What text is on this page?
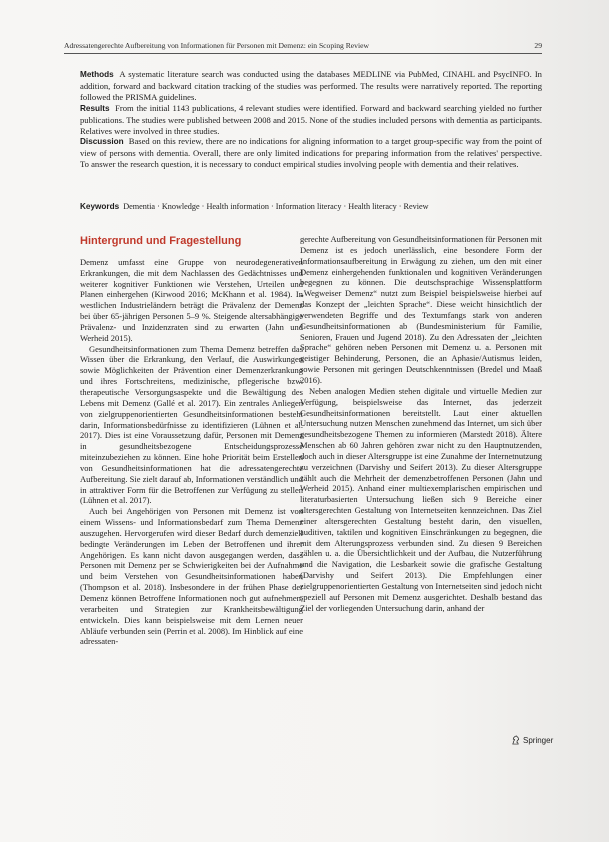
Adressatengerechte Aufbereitung von Informationen für Personen mit Demenz: ein Scoping Review	29

Methods A systematic literature search was conducted using the databases MEDLINE via PubMed, CINAHL and PsycINFO. In addition, forward and backward citation tracking of the studies was performed. The results were narratively reported. The reporting followed the PRISMA guidelines.

Results From the initial 1143 publications, 4 relevant studies were identified. Forward and backward searching yielded no further publications. The studies were published between 2008 and 2015. None of the studies included persons with dementia as participants. Relatives were involved in three studies.

Discussion Based on this review, there are no indications for aligning information to a target group-specific way from the point of view of persons with dementia. Overall, there are only limited indications for preparing information from the relatives' perspective. To answer the research question, it is necessary to conduct empirical studies involving people with dementia and their relatives.

Keywords Dementia · Knowledge · Health information · Information literacy · Health literacy · Review
Hintergrund und Fragestellung

Demenz umfasst eine Gruppe von neurodegenerativen Erkrankungen, die mit dem Nachlassen des Gedächtnisses und weiterer kognitiver Funktionen wie Verstehen, Urteilen und Planen einhergehen (Kirwood 2016; McKhann et al. 1984). In westlichen Industrieländern beträgt die Prävalenz der Demenz bei über 65-jährigen Personen 5–9 %. Steigende altersabhängige Prävalenz- und Inzidenzraten sind zu erwarten (Jahn und Werheid 2015).

Gesundheitsinformationen zum Thema Demenz betreffen das Wissen über die Erkrankung, den Verlauf, die Auswirkungen sowie Möglichkeiten der Prävention einer Demenzerkrankung und ihres Fortschreitens, medizinische, pflegerische bzw. therapeutische Versorgungsaspekte und die Bewältigung des Lebens mit Demenz (Gallé et al. 2017). Ein zentrales Anliegen von zielgruppenorientierten Gesundheitsinformationen besteht darin, Informationsbedürfnisse zu identifizieren (Lühnen et al. 2017). Dies ist eine Voraussetzung dafür, Personen mit Demenz in gesundheitsbezogene Entscheidungsprozesse miteinzubeziehen zu können. Eine hohe Priorität beim Erstellen von Gesundheitsinformationen hat die adressatengerechte Aufbereitung. Sie zielt darauf ab, Informationen verständlich und in attraktiver Form für die Betroffenen zur Verfügung zu stellen (Lühnen et al. 2017).

Auch bei Angehörigen von Personen mit Demenz ist von einem Wissens- und Informationsbedarf zum Thema Demenz auszugehen. Hervorgerufen wird dieser Bedarf durch demenziell bedingte Veränderungen im Leben der Betroffenen und ihrer Angehörigen. Es kann nicht davon ausgegangen werden, dass Personen mit Demenz per se Schwierigkeiten bei der Aufnahme und beim Verstehen von Gesundheitsinformationen haben (Thompson et al. 2018). Insbesondere in der frühen Phase der Demenz können Betroffene Informationen noch gut aufnehmen, verarbeiten und Strategien zur Krankheitsbewältigung entwickeln. Dies kann beispielsweise mit dem Lernen neuer Abläufe verbunden sein (Perrin et al. 2008). Im Hinblick auf eine adressaten-

gerechte Aufbereitung von Gesundheitsinformationen für Personen mit Demenz ist es jedoch unerlässlich, eine besondere Form der Informationsaufbereitung in Erwägung zu ziehen, um den mit einer Demenz einhergehenden funktionalen und kognitiven Veränderungen begegnen zu können. Die deutschsprachige Wissensplattform „Wegweiser Demenz“ nutzt zum Beispiel beispielsweise hierbei auf das Konzept der „leichten Sprache“. Diese weicht hinsichtlich der verwendeten Begriffe und des Textumfangs stark von anderen Gesundheitsinformationen ab (Bundesministerium für Familie, Senioren, Frauen und Jugend 2018). Zu den Adressaten der „leichten Sprache“ gehören neben Personen mit Demenz u. a. Personen mit geistiger Behinderung, Personen, die an Aphasie/Autismus leiden, sowie Personen mit geringen Deutschkenntnissen (Bredel und Maaß 2016).

Neben analogen Medien stehen digitale und virtuelle Medien zur Verfügung, beispielsweise das Internet, das jederzeit Gesundheitsinformationen bereitstellt. Laut einer aktuellen Untersuchung nutzen Menschen zunehmend das Internet, um sich über gesundheitsbezogene Themen zu informieren (Marstedt 2018). Ältere Menschen ab 60 Jahren gehören zwar nicht zu den Hauptnutzenden, doch auch in dieser Altersgruppe ist eine Zunahme der Internetnutzung zu verzeichnen (Darvishy und Seifert 2013). Zu dieser Altersgruppe zählt auch die Mehrheit der demenzbetroffenen Personen (Jahn und Werheid 2015). Anhand einer multiexemplarischen empirischen und literaturbasierten Untersuchung ließen sich 9 Bereiche einer altersgerechten Gestaltung von Internetseiten kennzeichnen. Das Ziel einer altersgerechten Gestaltung besteht darin, den visuellen, auditiven, taktilen und kognitiven Einschränkungen zu begegnen, die mit dem Alterungsprozess verbunden sind. Zu diesen 9 Bereichen zählen u. a. die Übersichtlichkeit und der Aufbau, die Nutzerführung und die Navigation, die Lesbarkeit sowie die grafische Gestaltung (Darvishy und Seifert 2013). Die Empfehlungen einer zielgruppenorientierten Gestaltung von Internetseiten sind jedoch nicht speziell auf Personen mit Demenz ausgerichtet. Deshalb bestand das Ziel der vorliegenden Untersuchung darin, anhand der

Springer
